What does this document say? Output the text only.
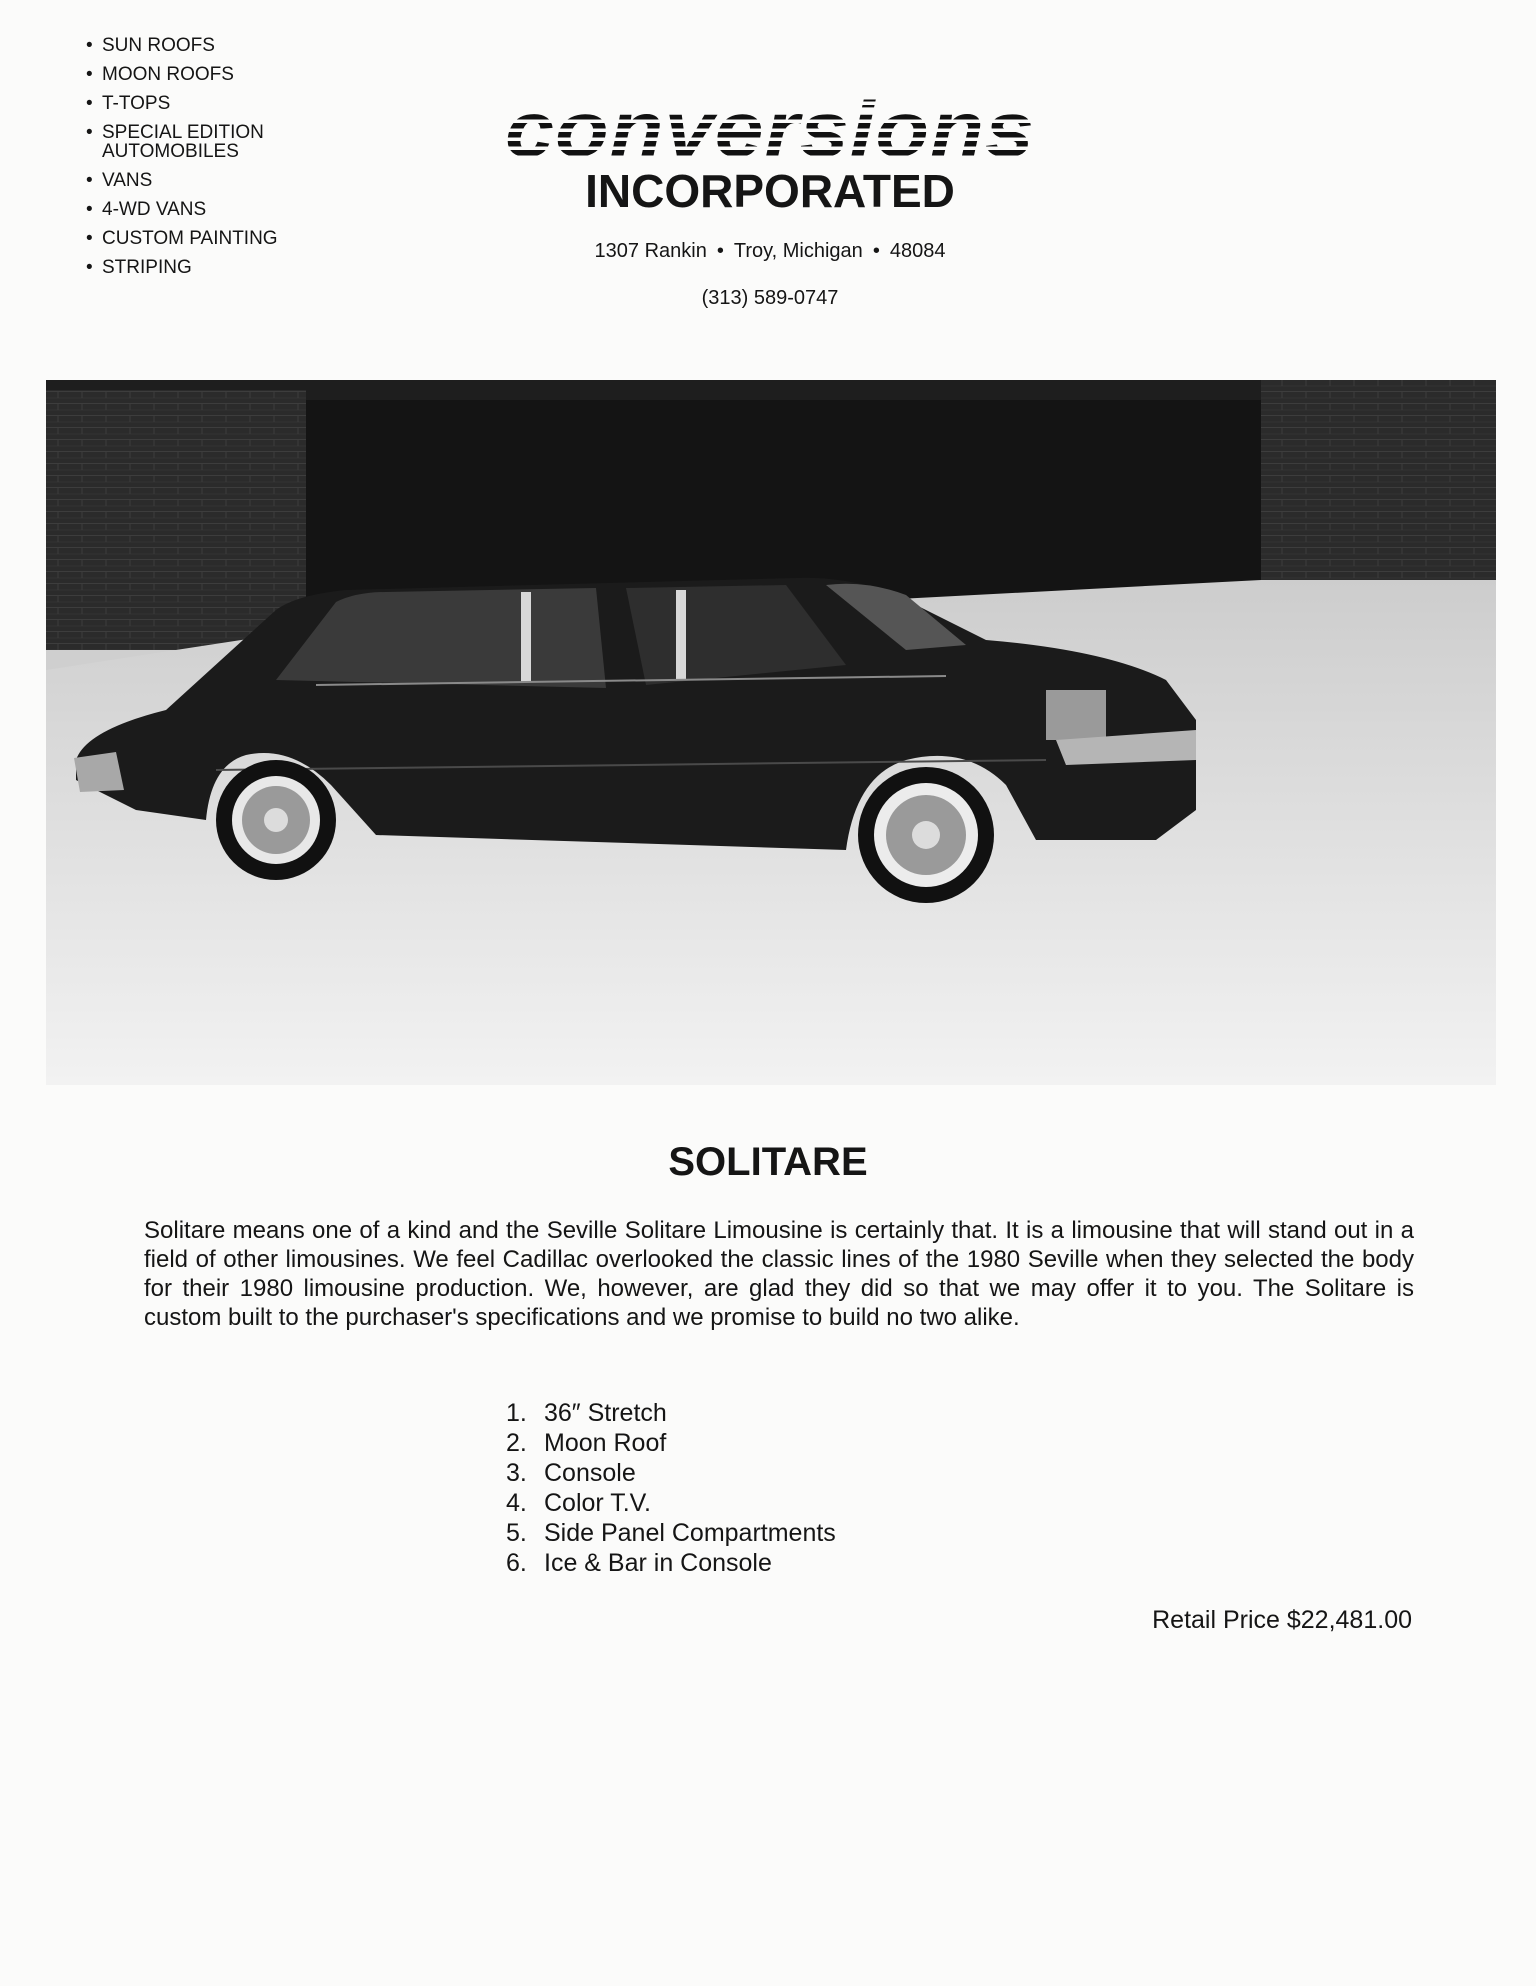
• SUN ROOFS
• MOON ROOFS
• T-TOPS
• SPECIAL EDITION
AUTOMOBILES
• VANS
• 4-WD VANS
• CUSTOM PAINTING
• STRIPING
conversions
INCORPORATED
1307 Rankin • Troy, Michigan • 48084
(313) 589-0747
SOLITARE

Solitare means one of a kind and the Seville Solitare Limousine is certainly that. It is a limousine that will stand out in a field of other limousines. We feel Cadillac overlooked the classic lines of the 1980 Seville when they selected the body for their 1980 limousine production. We, however, are glad they did so that we may offer it to you. The Solitare is custom built to the purchaser's specifications and we promise to build no two alike.

1. 36″ Stretch
2. Moon Roof
3. Console
4. Color T.V.
5. Side Panel Compartments
6. Ice & Bar in Console
Retail Price $22,481.00
